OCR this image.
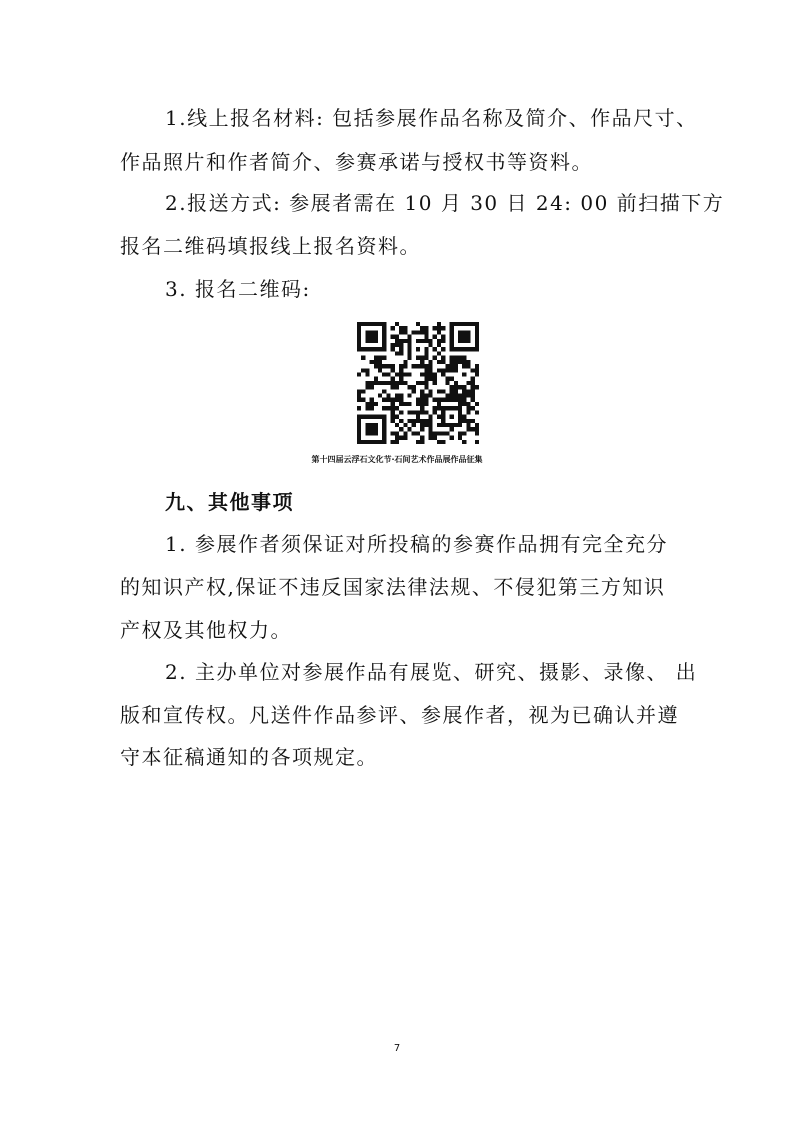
1.线上报名材料: 包括参展作品名称及简介、作品尺寸、
作品照片和作者简介、参赛承诺与授权书等资料。
2.报送方式: 参展者需在 10 月 30 日 24: 00 前扫描下方
报名二维码填报线上报名资料。
3. 报名二维码:
第十四届云浮石文化节·石间艺术作品展作品征集
九、其他事项
1. 参展作者须保证对所投稿的参赛作品拥有完全充分
的知识产权,保证不违反国家法律法规、不侵犯第三方知识
产权及其他权力。
2. 主办单位对参展作品有展览、研究、摄影、录像、 出
版和宣传权。凡送件作品参评、参展作者，视为已确认并遵
守本征稿通知的各项规定。
7
